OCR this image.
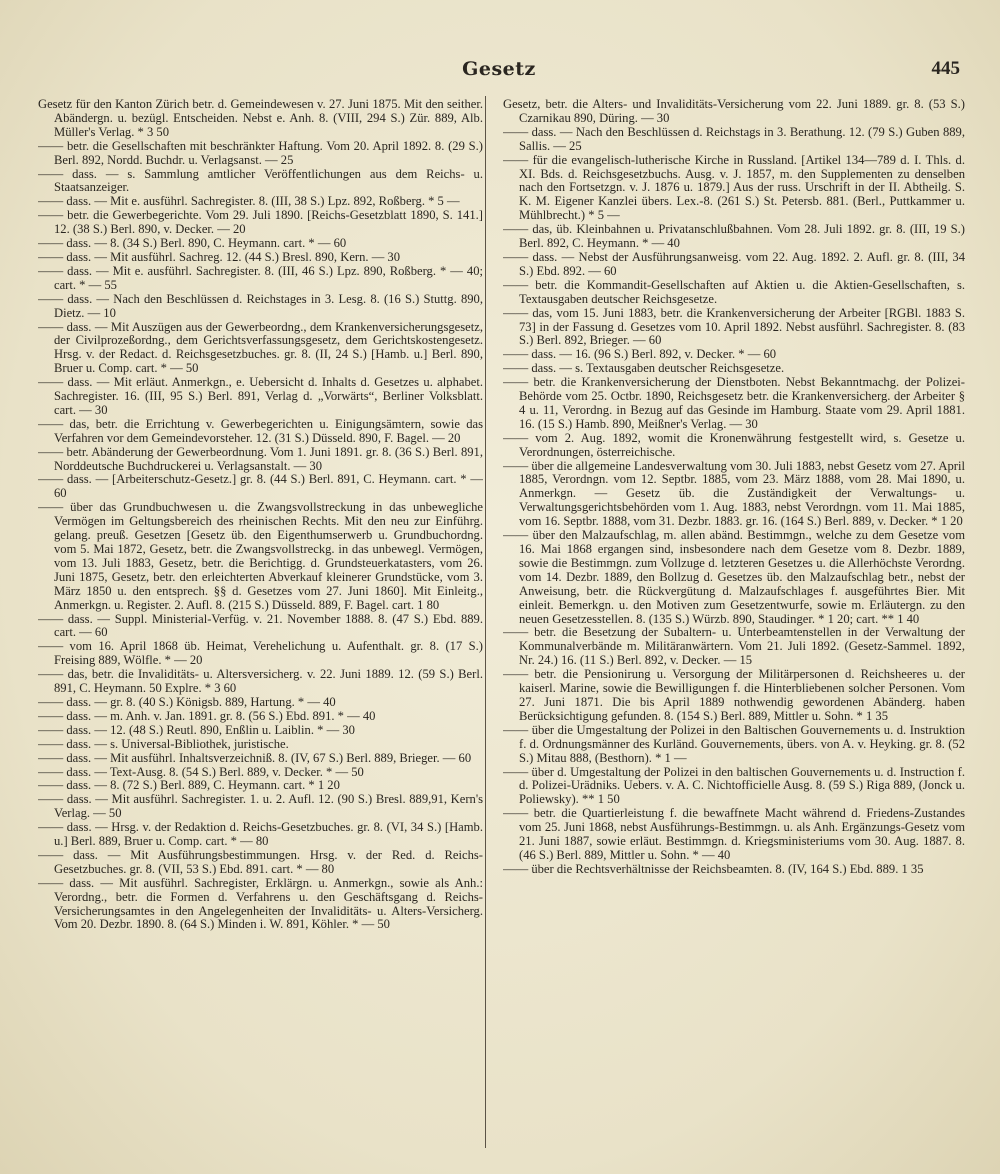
Gesetz	445

Gesetz für den Kanton Zürich betr. d. Gemeindewesen v. 27. Juni 1875. Mit den seither. Abändergn. u. bezügl. Entscheiden. Nebst e. Anh. 8. (VIII, 294 S.) Zür. 889, Alb. Müller's Verlag. * 3 50

—— betr. die Gesellschaften mit beschränkter Haftung. Vom 20. April 1892. 8. (29 S.) Berl. 892, Nordd. Buchdr. u. Verlagsanst. — 25

—— dass. — s. Sammlung amtlicher Veröffentlichungen aus dem Reichs- u. Staatsanzeiger.

—— dass. — Mit e. ausführl. Sachregister. 8. (III, 38 S.) Lpz. 892, Roßberg. * 5 —

—— betr. die Gewerbegerichte. Vom 29. Juli 1890. [Reichs-Gesetzblatt 1890, S. 141.] 12. (38 S.) Berl. 890, v. Decker. — 20

—— dass. — 8. (34 S.) Berl. 890, C. Heymann. cart. * — 60

—— dass. — Mit ausführl. Sachreg. 12. (44 S.) Bresl. 890, Kern. — 30

—— dass. — Mit e. ausführl. Sachregister. 8. (III, 46 S.) Lpz. 890, Roßberg. * — 40; cart. * — 55

—— dass. — Nach den Beschlüssen d. Reichstages in 3. Lesg. 8. (16 S.) Stuttg. 890, Dietz. — 10

—— dass. — Mit Auszügen aus der Gewerbeordng., dem Krankenversicherungsgesetz, der Civilprozeßordng., dem Gerichtsverfassungsgesetz, dem Gerichtskostengesetz. Hrsg. v. der Redact. d. Reichsgesetzbuches. gr. 8. (II, 24 S.) [Hamb. u.] Berl. 890, Bruer u. Comp. cart. * — 50

—— dass. — Mit erläut. Anmerkgn., e. Uebersicht d. Inhalts d. Gesetzes u. alphabet. Sachregister. 16. (III, 95 S.) Berl. 891, Verlag d. „Vorwärts“, Berliner Volksblatt. cart. — 30

—— das, betr. die Errichtung v. Gewerbegerichten u. Einigungsämtern, sowie das Verfahren vor dem Gemeindevorsteher. 12. (31 S.) Düsseld. 890, F. Bagel. — 20

—— betr. Abänderung der Gewerbeordnung. Vom 1. Juni 1891. gr. 8. (36 S.) Berl. 891, Norddeutsche Buchdruckerei u. Verlagsanstalt. — 30

—— dass. — [Arbeiterschutz-Gesetz.] gr. 8. (44 S.) Berl. 891, C. Heymann. cart. * — 60

—— über das Grundbuchwesen u. die Zwangsvollstreckung in das unbewegliche Vermögen im Geltungsbereich des rheinischen Rechts. Mit den neu zur Einführg. gelang. preuß. Gesetzen [Gesetz üb. den Eigenthumserwerb u. Grundbuchordng. vom 5. Mai 1872, Gesetz, betr. die Zwangsvollstreckg. in das unbewegl. Vermögen, vom 13. Juli 1883, Gesetz, betr. die Berichtigg. d. Grundsteuerkatasters, vom 26. Juni 1875, Gesetz, betr. den erleichterten Abverkauf kleinerer Grundstücke, vom 3. März 1850 u. den entsprech. §§ d. Gesetzes vom 27. Juni 1860]. Mit Einleitg., Anmerkgn. u. Register. 2. Aufl. 8. (215 S.) Düsseld. 889, F. Bagel. cart. 1 80

—— dass. — Suppl. Ministerial-Verfüg. v. 21. November 1888. 8. (47 S.) Ebd. 889. cart. — 60

—— vom 16. April 1868 üb. Heimat, Verehelichung u. Aufenthalt. gr. 8. (17 S.) Freising 889, Wölfle. * — 20

—— das, betr. die Invaliditäts- u. Altersversicherg. v. 22. Juni 1889. 12. (59 S.) Berl. 891, C. Heymann. 50 Explre. * 3 60

—— dass. — gr. 8. (40 S.) Königsb. 889, Hartung. * — 40

—— dass. — m. Anh. v. Jan. 1891. gr. 8. (56 S.) Ebd. 891. * — 40

—— dass. — 12. (48 S.) Reutl. 890, Enßlin u. Laiblin. * — 30

—— dass. — s. Universal-Bibliothek, juristische.

—— dass. — Mit ausführl. Inhaltsverzeichniß. 8. (IV, 67 S.) Berl. 889, Brieger. — 60

—— dass. — Text-Ausg. 8. (54 S.) Berl. 889, v. Decker. * — 50

—— dass. — 8. (72 S.) Berl. 889, C. Heymann. cart. * 1 20

—— dass. — Mit ausführl. Sachregister. 1. u. 2. Aufl. 12. (90 S.) Bresl. 889,91, Kern's Verlag. — 50

—— dass. — Hrsg. v. der Redaktion d. Reichs-Gesetzbuches. gr. 8. (VI, 34 S.) [Hamb. u.] Berl. 889, Bruer u. Comp. cart. * — 80

—— dass. — Mit Ausführungsbestimmungen. Hrsg. v. der Red. d. Reichs-Gesetzbuches. gr. 8. (VII, 53 S.) Ebd. 891. cart. * — 80

—— dass. — Mit ausführl. Sachregister, Erklärgn. u. Anmerkgn., sowie als Anh.: Verordng., betr. die Formen d. Verfahrens u. den Geschäftsgang d. Reichs-Versicherungsamtes in den Angelegenheiten der Invaliditäts- u. Alters-Versicherg. Vom 20. Dezbr. 1890. 8. (64 S.) Minden i. W. 891, Köhler. * — 50

Gesetz, betr. die Alters- und Invaliditäts-Versicherung vom 22. Juni 1889. gr. 8. (53 S.) Czarnikau 890, Düring. — 30

—— dass. — Nach den Beschlüssen d. Reichstags in 3. Berathung. 12. (79 S.) Guben 889, Sallis. — 25

—— für die evangelisch-lutherische Kirche in Russland. [Artikel 134—789 d. I. Thls. d. XI. Bds. d. Reichsgesetzbuchs. Ausg. v. J. 1857, m. den Supplementen zu denselben nach den Fortsetzgn. v. J. 1876 u. 1879.] Aus der russ. Urschrift in der II. Abtheilg. S. K. M. Eigener Kanzlei übers. Lex.-8. (261 S.) St. Petersb. 881. (Berl., Puttkammer u. Mühlbrecht.) * 5 —

—— das, üb. Kleinbahnen u. Privatanschlußbahnen. Vom 28. Juli 1892. gr. 8. (III, 19 S.) Berl. 892, C. Heymann. * — 40

—— dass. — Nebst der Ausführungsanweisg. vom 22. Aug. 1892. 2. Aufl. gr. 8. (III, 34 S.) Ebd. 892. — 60

—— betr. die Kommandit-Gesellschaften auf Aktien u. die Aktien-Gesellschaften, s. Textausgaben deutscher Reichsgesetze.

—— das, vom 15. Juni 1883, betr. die Krankenversicherung der Arbeiter [RGBl. 1883 S. 73] in der Fassung d. Gesetzes vom 10. April 1892. Nebst ausführl. Sachregister. 8. (83 S.) Berl. 892, Brieger. — 60

—— dass. — 16. (96 S.) Berl. 892, v. Decker. * — 60

—— dass. — s. Textausgaben deutscher Reichsgesetze.

—— betr. die Krankenversicherung der Dienstboten. Nebst Bekanntmachg. der Polizei-Behörde vom 25. Octbr. 1890, Reichsgesetz betr. die Krankenversicherg. der Arbeiter § 4 u. 11, Verordng. in Bezug auf das Gesinde im Hamburg. Staate vom 29. April 1881. 16. (15 S.) Hamb. 890, Meißner's Verlag. — 30

—— vom 2. Aug. 1892, womit die Kronenwährung festgestellt wird, s. Gesetze u. Verordnungen, österreichische.

—— über die allgemeine Landesverwaltung vom 30. Juli 1883, nebst Gesetz vom 27. April 1885, Verordngn. vom 12. Septbr. 1885, vom 23. März 1888, vom 28. Mai 1890, u. Anmerkgn. — Gesetz üb. die Zuständigkeit der Verwaltungs- u. Verwaltungsgerichtsbehörden vom 1. Aug. 1883, nebst Verordngn. vom 11. Mai 1885, vom 16. Septbr. 1888, vom 31. Dezbr. 1883. gr. 16. (164 S.) Berl. 889, v. Decker. * 1 20

—— über den Malzaufschlag, m. allen abänd. Bestimmgn., welche zu dem Gesetze vom 16. Mai 1868 ergangen sind, insbesondere nach dem Gesetze vom 8. Dezbr. 1889, sowie die Bestimmgn. zum Vollzuge d. letzteren Gesetzes u. die Allerhöchste Verordng. vom 14. Dezbr. 1889, den Bollzug d. Gesetzes üb. den Malzaufschlag betr., nebst der Anweisung, betr. die Rückvergütung d. Malzaufschlages f. ausgeführtes Bier. Mit einleit. Bemerkgn. u. den Motiven zum Gesetzentwurfe, sowie m. Erläutergn. zu den neuen Gesetzesstellen. 8. (135 S.) Würzb. 890, Staudinger. * 1 20; cart. ** 1 40

—— betr. die Besetzung der Subaltern- u. Unterbeamtenstellen in der Verwaltung der Kommunalverbände m. Militäranwärtern. Vom 21. Juli 1892. (Gesetz-Sammel. 1892, Nr. 24.) 16. (11 S.) Berl. 892, v. Decker. — 15

—— betr. die Pensionirung u. Versorgung der Militärpersonen d. Reichsheeres u. der kaiserl. Marine, sowie die Bewilligungen f. die Hinterbliebenen solcher Personen. Vom 27. Juni 1871. Die bis April 1889 nothwendig gewordenen Abänderg. haben Berücksichtigung gefunden. 8. (154 S.) Berl. 889, Mittler u. Sohn. * 1 35

—— über die Umgestaltung der Polizei in den Baltischen Gouvernements u. d. Instruktion f. d. Ordnungsmänner des Kurländ. Gouvernements, übers. von A. v. Heyking. gr. 8. (52 S.) Mitau 888, (Besthorn). * 1 —

—— über d. Umgestaltung der Polizei in den baltischen Gouvernements u. d. Instruction f. d. Polizei-Urädniks. Uebers. v. A. C. Nichtofficielle Ausg. 8. (59 S.) Riga 889, (Jonck u. Poliewsky). ** 1 50

—— betr. die Quartierleistung f. die bewaffnete Macht während d. Friedens-Zustandes vom 25. Juni 1868, nebst Ausführungs-Bestimmgn. u. als Anh. Ergänzungs-Gesetz vom 21. Juni 1887, sowie erläut. Bestimmgn. d. Kriegsministeriums vom 30. Aug. 1887. 8. (46 S.) Berl. 889, Mittler u. Sohn. * — 40

—— über die Rechtsverhältnisse der Reichsbeamten. 8. (IV, 164 S.) Ebd. 889. 1 35
